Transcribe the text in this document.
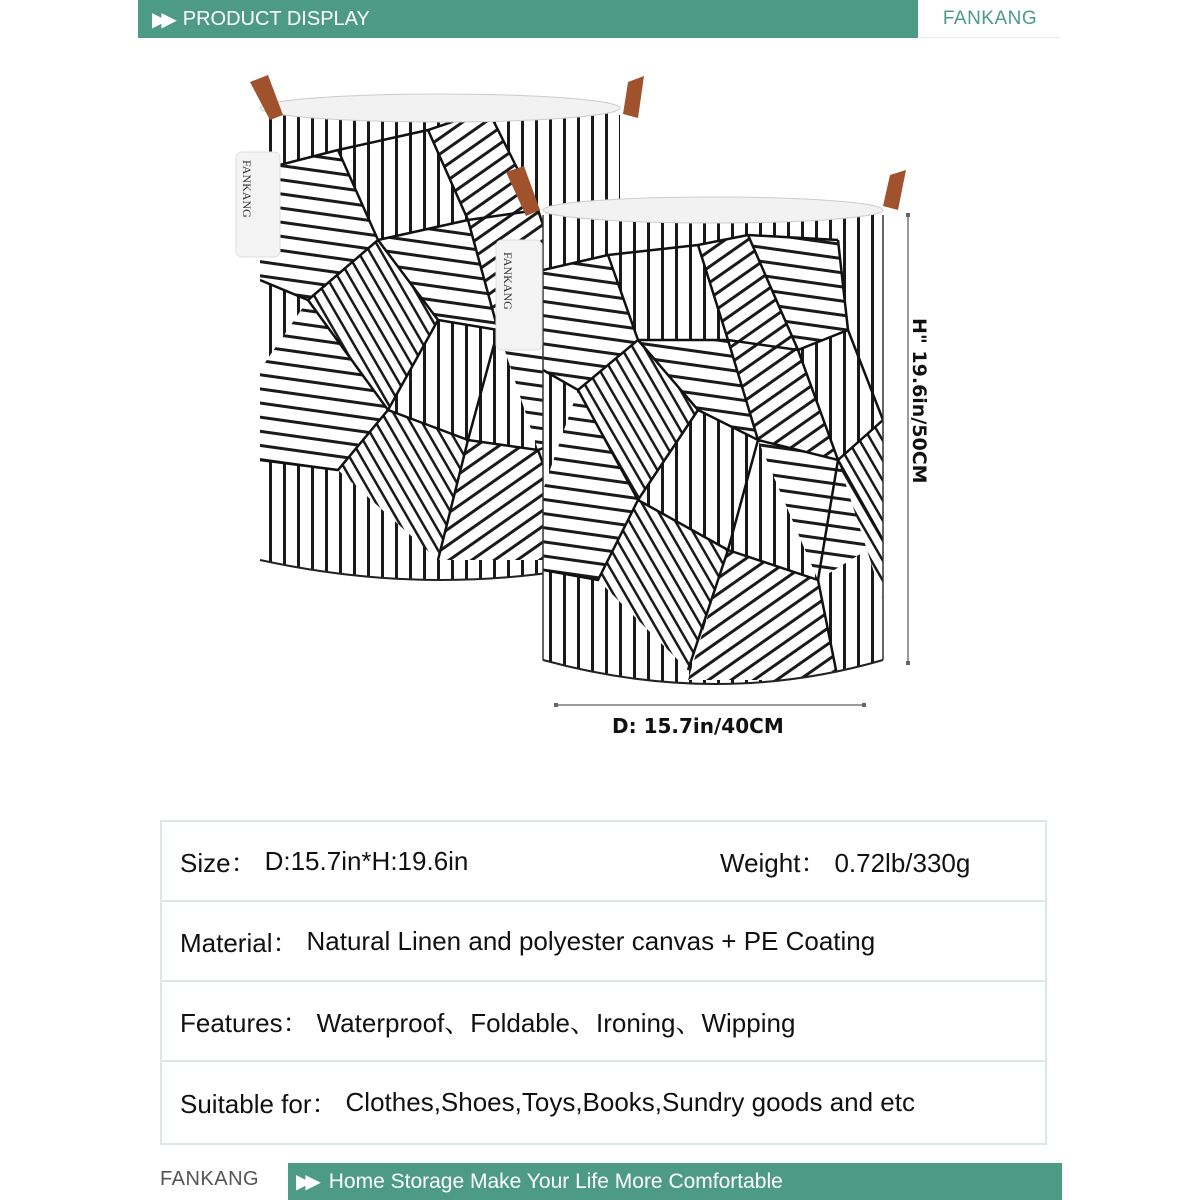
▶▶ PRODUCT DISPLAY	FANKANG
FANKANG
FANKANG
H" 19.6in/50CM
D: 15.7in/40CM
Size： D:15.7in*H:19.6in	Weight： 0.72lb/330g
Material： Natural Linen and polyester canvas + PE Coating
Features： Waterproof、Foldable、Ironing、Wipping
Suitable for： Clothes,Shoes,Toys,Books,Sundry goods and etc
FANKANG ▶▶ Home Storage Make Your Life More Comfortable
